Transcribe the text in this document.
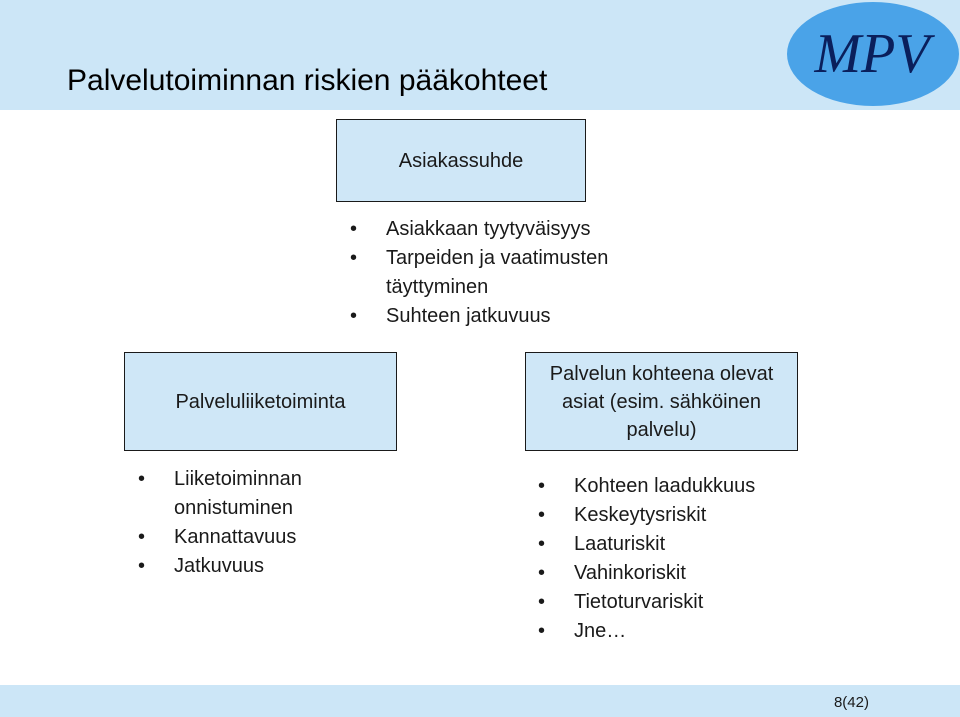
Palvelutoiminnan riskien pääkohteet	MPV
Asiakassuhde
• Asiakkaan tyytyväisyys
• Tarpeiden ja vaatimusten täyttyminen
• Suhteen jatkuvuus
Palveluliiketoiminta
• Liiketoiminnan onnistuminen
• Kannattavuus
• Jatkuvuus
Palvelun kohteena olevat asiat (esim. sähköinen palvelu)
• Kohteen laadukkuus
• Keskeytysriskit
• Laaturiskit
• Vahinkoriskit
• Tietoturvariskit
• Jne…
8(42)
